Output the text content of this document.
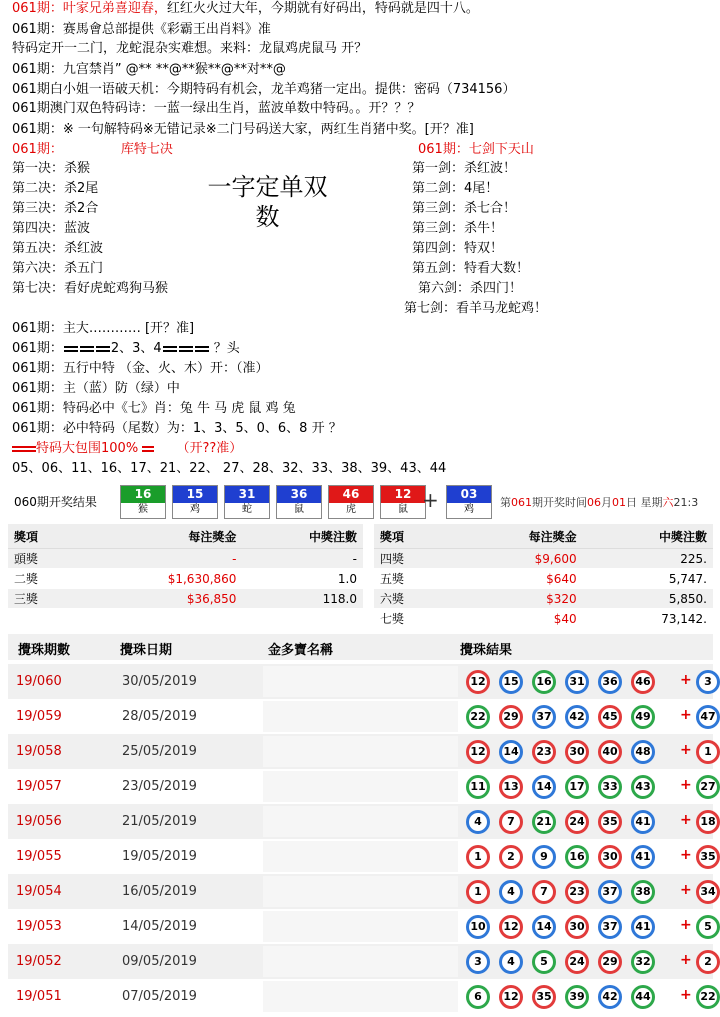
061期：叶家兄弟喜迎春，红红火火过大年，今期就有好码出，特码就是四十八。
061期：赛馬會总部提供《彩霸王出肖料》准
特码定开一二门，龙蛇混杂实难想。来料：龙鼠鸡虎鼠马 开？
061期：九宫禁肖” @** **@**猴**@**对**@
061期白小姐一语破天机：今期特码有机会，龙羊鸡猪一定出。提供：密码（734156）
061期澳门双色特码诗：一蓝一绿出生肖，蓝波单数中特码。。开？？？
061期：※ 一句解特码※无错记录※二门号码送大家，两红生肖猪中奖。[开？准]
061期：	库特七决
第一决：杀猴
第二决：杀2尾
第三决：杀2合
第四决：蓝波
第五决：杀红波
第六决：杀五门
第七决：看好虎蛇鸡狗马猴
一字定单双
数
061期：七剑下天山
第一剑：杀红波！
第二剑：4尾！
第三剑：杀七合！
第三剑：杀牛！
第四剑：特双！
第五剑：特看大数！
第六剑：杀四门！
第七剑：看羊马龙蛇鸡！
061期：主大………… [开？准]
061期：	2、3、4	？头
061期：五行中特 （金、火、木）开：（准）
061期：主（蓝）防（绿）中
061期：特码必中《七》肖：兔 牛 马 虎 鼠 鸡 兔
061期：必中特码（尾数）为：1、3、5、0、6、8 开 ？
特码大包围100%	（开??准）
05、06、11、16、17、21、22、 27、28、32、33、38、39、43、44
060期开奖结果
16
猴
15
鸡
31
蛇
36
鼠
46
虎
12
鼠
03
鸡
+	第061期开奖时间06月01日 星期六21:3
獎項	每注獎金	中獎注數
頭獎	-	-
二獎	$1,630,860	1.0
三獎	$36,850	118.0
獎項	每注獎金	中獎注數
四獎	$9,600	225.
五獎	$640	5,747.
六獎	$320	5,850.
七獎	$40	73,142.
攪珠期數	攪珠日期	金多寶名稱	攪珠結果
19/060	30/05/2019	12	15	16	31	36	46	+	3
19/059	28/05/2019	22	29	37	42	45	49	+ 47
19/058	25/05/2019	12	14	23	30	40	48	+	1
19/057	23/05/2019	11	13	14	17	33	43	+ 27
19/056	21/05/2019	4	7	21	24	35	41	+ 18
19/055	19/05/2019	1	2	9	16	30	41	+ 35
19/054	16/05/2019	1	4	7	23	37	38	+ 34
19/053	14/05/2019	10	12	14	30	37	41	+	5
19/052	09/05/2019	3	4	5	24	29	32	+	2
19/051	07/05/2019	6	12	35	39	42	44	+ 22
